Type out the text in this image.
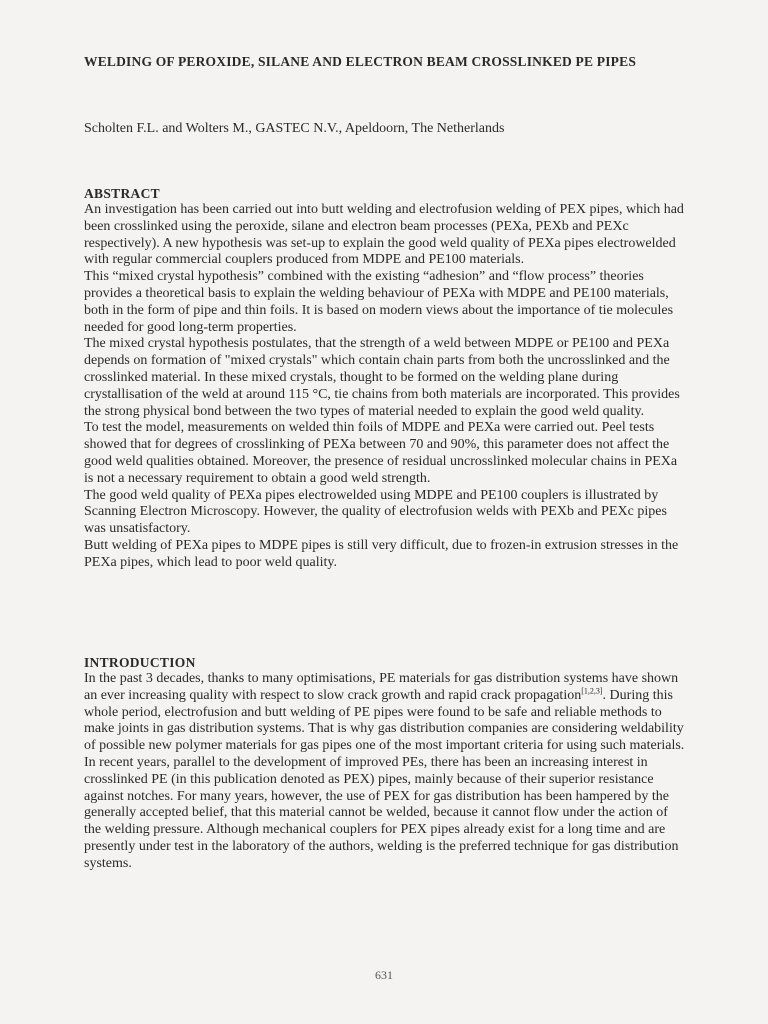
WELDING OF PEROXIDE, SILANE AND ELECTRON BEAM CROSSLINKED PE PIPES
Scholten F.L. and Wolters M., GASTEC N.V., Apeldoorn, The Netherlands

ABSTRACT

An investigation has been carried out into butt welding and electrofusion welding of PEX pipes, which had been crosslinked using the peroxide, silane and electron beam processes (PEXa, PEXb and PEXc respectively). A new hypothesis was set-up to explain the good weld quality of PEXa pipes electrowelded with regular commercial couplers produced from MDPE and PE100 materials.

This “mixed crystal hypothesis” combined with the existing “adhesion” and “flow process” theories provides a theoretical basis to explain the welding behaviour of PEXa with MDPE and PE100 materials, both in the form of pipe and thin foils. It is based on modern views about the importance of tie molecules needed for good long-term properties.

The mixed crystal hypothesis postulates, that the strength of a weld between MDPE or PE100 and PEXa depends on formation of "mixed crystals" which contain chain parts from both the uncrosslinked and the crosslinked material. In these mixed crystals, thought to be formed on the welding plane during crystallisation of the weld at around 115 °C, tie chains from both materials are incorporated. This provides the strong physical bond between the two types of material needed to explain the good weld quality.

To test the model, measurements on welded thin foils of MDPE and PEXa were carried out. Peel tests showed that for degrees of crosslinking of PEXa between 70 and 90%, this parameter does not affect the good weld qualities obtained. Moreover, the presence of residual uncrosslinked molecular chains in PEXa is not a necessary requirement to obtain a good weld strength.

The good weld quality of PEXa pipes electrowelded using MDPE and PE100 couplers is illustrated by Scanning Electron Microscopy. However, the quality of electrofusion welds with PEXb and PEXc pipes was unsatisfactory.

Butt welding of PEXa pipes to MDPE pipes is still very difficult, due to frozen-in extrusion stresses in the PEXa pipes, which lead to poor weld quality.

INTRODUCTION

In the past 3 decades, thanks to many optimisations, PE materials for gas distribution systems have shown an ever increasing quality with respect to slow crack growth and rapid crack propagation[1,2,3]. During this whole period, electrofusion and butt welding of PE pipes were found to be safe and reliable methods to make joints in gas distribution systems. That is why gas distribution companies are considering weldability of possible new polymer materials for gas pipes one of the most important criteria for using such materials.

In recent years, parallel to the development of improved PEs, there has been an increasing interest in crosslinked PE (in this publication denoted as PEX) pipes, mainly because of their superior resistance against notches. For many years, however, the use of PEX for gas distribution has been hampered by the generally accepted belief, that this material cannot be welded, because it cannot flow under the action of the welding pressure. Although mechanical couplers for PEX pipes already exist for a long time and are presently under test in the laboratory of the authors, welding is the preferred technique for gas distribution systems.

631
